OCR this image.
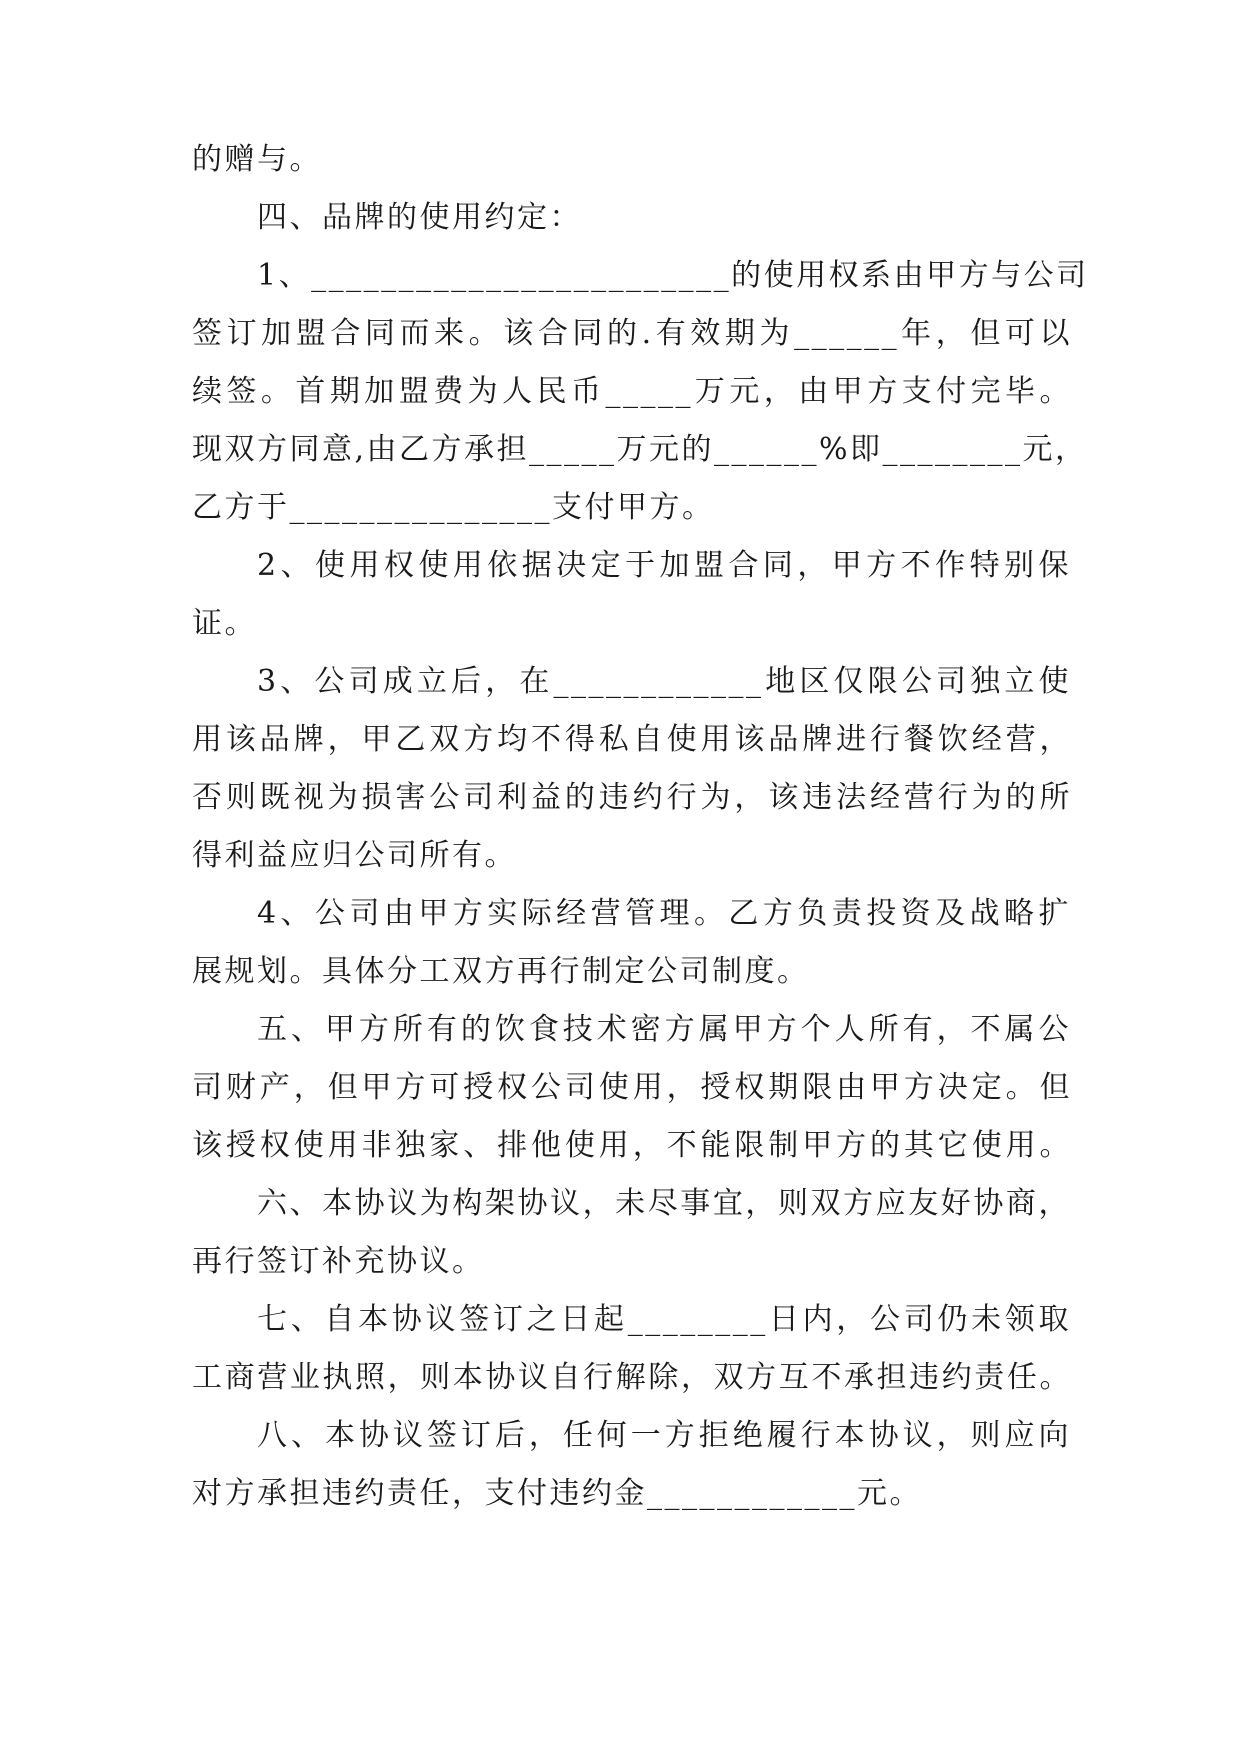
的赠与。
四、品牌的使用约定：
1、________________________的使用权系由甲方与公司
签订加盟合同而来。该合同的.有效期为______年，但可以
续签。首期加盟费为人民币_____万元，由甲方支付完毕。
现双方同意,由乙方承担_____万元的______%即________元，
乙方于_______________支付甲方。
2、使用权使用依据决定于加盟合同，甲方不作特别保
证。
3、公司成立后，在____________地区仅限公司独立使
用该品牌，甲乙双方均不得私自使用该品牌进行餐饮经营，
否则既视为损害公司利益的违约行为，该违法经营行为的所
得利益应归公司所有。
4、公司由甲方实际经营管理。乙方负责投资及战略扩
展规划。具体分工双方再行制定公司制度。
五、甲方所有的饮食技术密方属甲方个人所有，不属公
司财产，但甲方可授权公司使用，授权期限由甲方决定。但
该授权使用非独家、排他使用，不能限制甲方的其它使用。
六、本协议为构架协议，未尽事宜，则双方应友好协商，
再行签订补充协议。
七、自本协议签订之日起________日内，公司仍未领取
工商营业执照，则本协议自行解除，双方互不承担违约责任。
八、本协议签订后，任何一方拒绝履行本协议，则应向
对方承担违约责任，支付违约金____________元。
